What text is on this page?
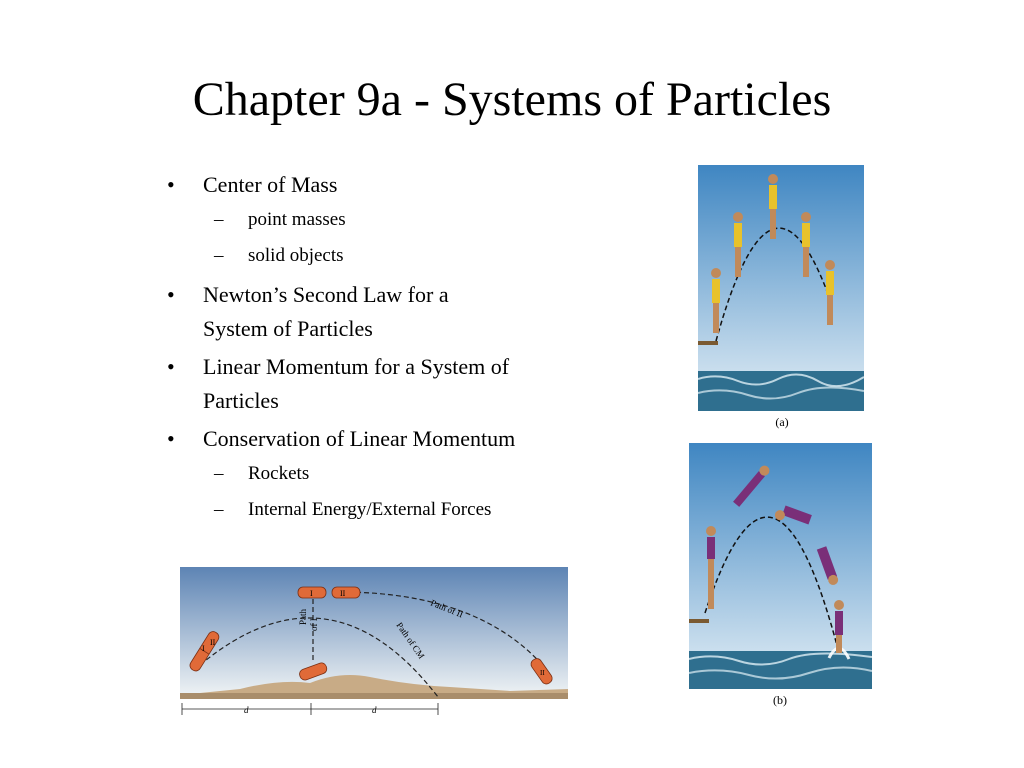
Chapter 9a - Systems of Particles
• Center of Mass
– point masses
– solid objects
• Newton’s Second Law for a System of Particles
• Linear Momentum for a System of Particles
• Conservation of Linear Momentum
– Rockets
– Internal Energy/External Forces
I
II
I	II
II
Path of II
Path of CM
Path of I
d	d
(a)
(b)
